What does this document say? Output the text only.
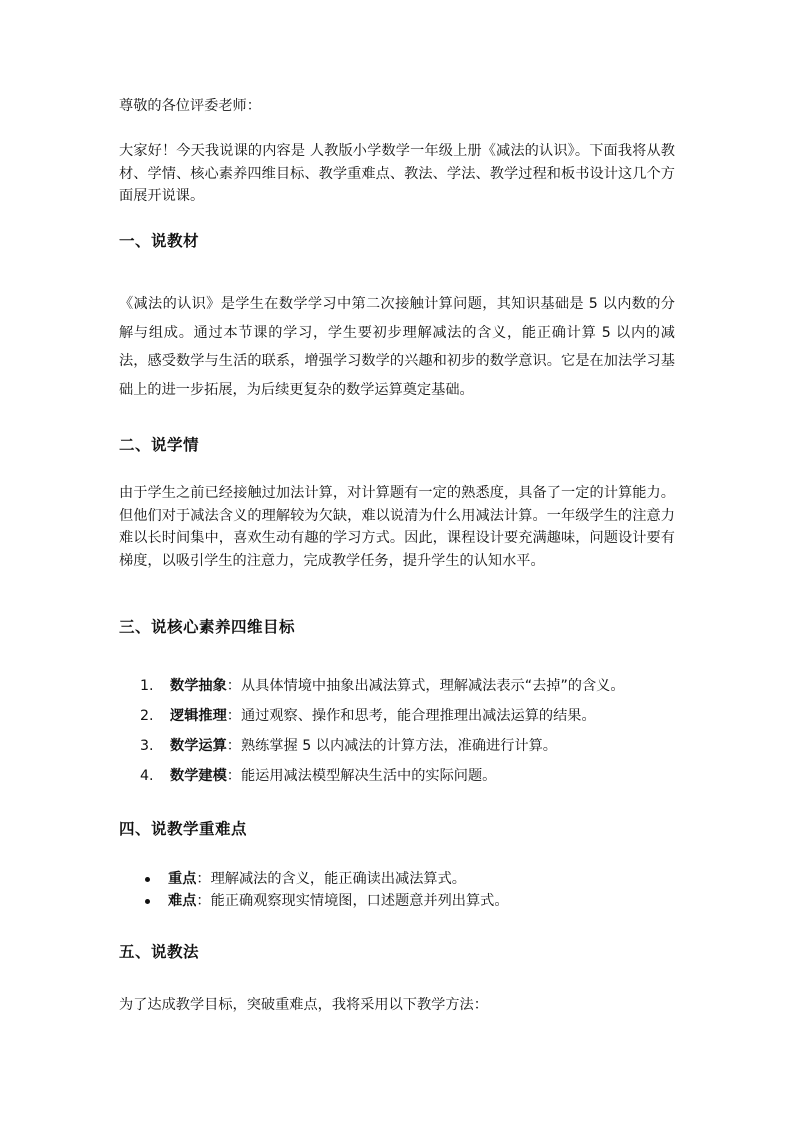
尊敬的各位评委老师：

大家好！今天我说课的内容是 人教版小学数学一年级上册《减法的认识》。下面我将从教材、学情、核心素养四维目标、教学重难点、教法、学法、教学过程和板书设计这几个方面展开说课。

一、说教材

《减法的认识》是学生在数学学习中第二次接触计算问题，其知识基础是 5 以内数的分解与组成。通过本节课的学习，学生要初步理解减法的含义，能正确计算 5 以内的减法，感受数学与生活的联系，增强学习数学的兴趣和初步的数学意识。它是在加法学习基础上的进一步拓展，为后续更复杂的数学运算奠定基础。

二、说学情

由于学生之前已经接触过加法计算，对计算题有一定的熟悉度，具备了一定的计算能力。但他们对于减法含义的理解较为欠缺，难以说清为什么用减法计算。一年级学生的注意力难以长时间集中，喜欢生动有趣的学习方式。因此，课程设计要充满趣味，问题设计要有梯度，以吸引学生的注意力，完成教学任务，提升学生的认知水平。

三、说核心素养四维目标
1. 数学抽象：从具体情境中抽象出减法算式，理解减法表示“去掉”的含义。
2. 逻辑推理：通过观察、操作和思考，能合理推理出减法运算的结果。
3. 数学运算：熟练掌握 5 以内减法的计算方法，准确进行计算。
4. 数学建模：能运用减法模型解决生活中的实际问题。
四、说教学重难点
重点：理解减法的含义，能正确读出减法算式。
难点：能正确观察现实情境图，口述题意并列出算式。
五、说教法

为了达成教学目标，突破重难点，我将采用以下教学方法：
